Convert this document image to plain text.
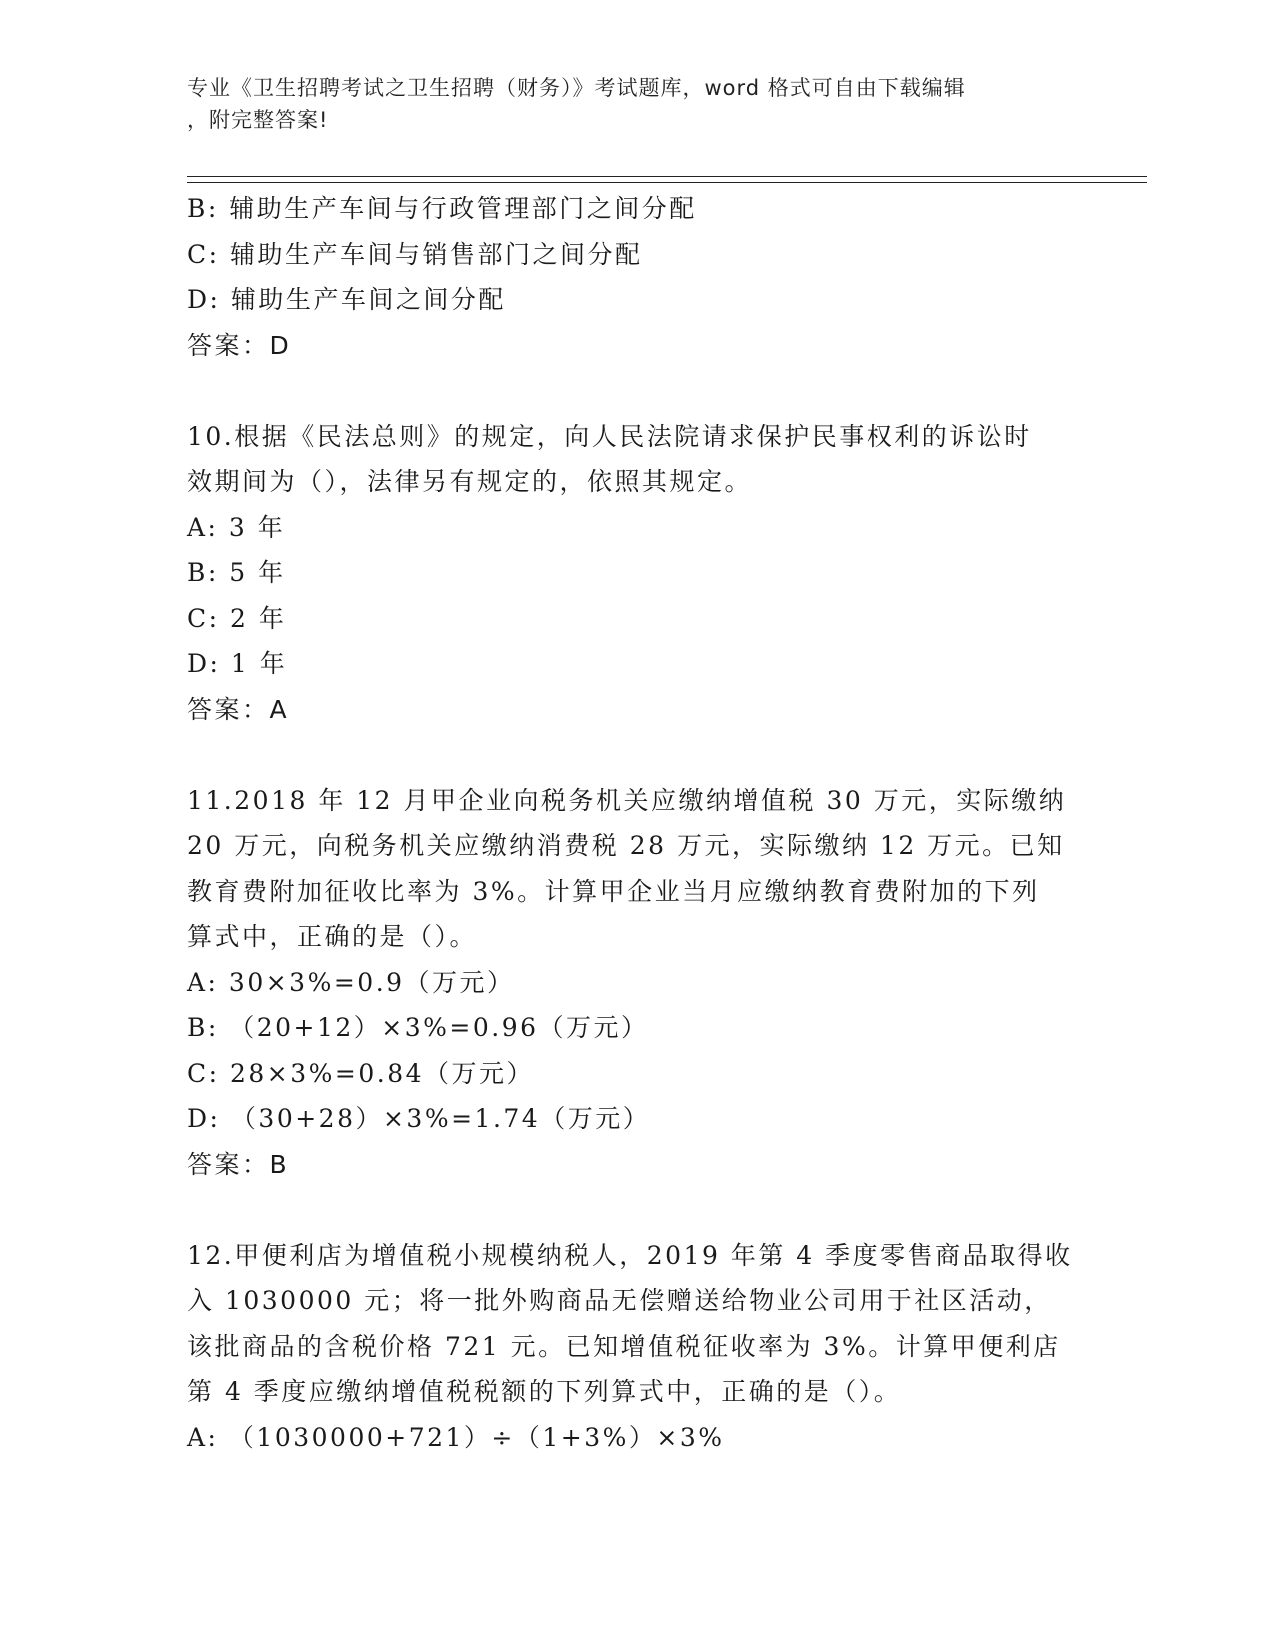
专业《卫生招聘考试之卫生招聘（财务）》考试题库，word 格式可自由下载编辑
，附完整答案!
B: 辅助生产车间与行政管理部门之间分配
C: 辅助生产车间与销售部门之间分配
D: 辅助生产车间之间分配
答案：D
10.根据《民法总则》的规定，向人民法院请求保护民事权利的诉讼时
效期间为（），法律另有规定的，依照其规定。
A: 3 年
B: 5 年
C: 2 年
D: 1 年
答案：A
11.2018 年 12 月甲企业向税务机关应缴纳增值税 30 万元，实际缴纳
20 万元，向税务机关应缴纳消费税 28 万元，实际缴纳 12 万元。已知
教育费附加征收比率为 3%。计算甲企业当月应缴纳教育费附加的下列
算式中，正确的是（）。
A: 30×3%=0.9（万元）
B: （20+12）×3%=0.96（万元）
C: 28×3%=0.84（万元）
D: （30+28）×3%=1.74（万元）
答案：B
12.甲便利店为增值税小规模纳税人，2019 年第 4 季度零售商品取得收
入 1030000 元；将一批外购商品无偿赠送给物业公司用于社区活动，
该批商品的含税价格 721 元。已知增值税征收率为 3%。计算甲便利店
第 4 季度应缴纳增值税税额的下列算式中，正确的是（）。
A: （1030000+721）÷（1+3%）×3%
